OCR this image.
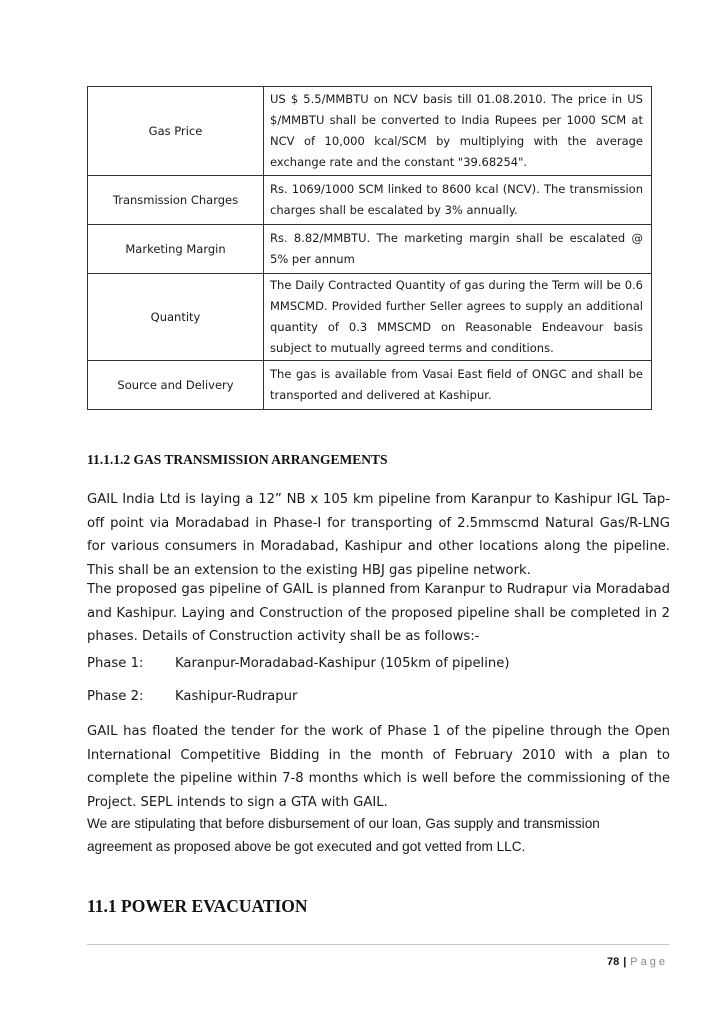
Gas Price	US $ 5.5/MMBTU on NCV basis till 01.08.2010. The price in US $/MMBTU shall be converted to India Rupees per 1000 SCM at NCV of 10,000 kcal/SCM by multiplying with the average exchange rate and the constant "39.68254".
Transmission Charges	Rs. 1069/1000 SCM linked to 8600 kcal (NCV). The transmission charges shall be escalated by 3% annually.
Marketing Margin	Rs. 8.82/MMBTU. The marketing margin shall be escalated @ 5% per annum
Quantity	The Daily Contracted Quantity of gas during the Term will be 0.6 MMSCMD. Provided further Seller agrees to supply an additional quantity of 0.3 MMSCMD on Reasonable Endeavour basis subject to mutually agreed terms and conditions.
Source and Delivery	The gas is available from Vasai East field of ONGC and shall be transported and delivered at Kashipur.
11.1.1.2 GAS TRANSMISSION ARRANGEMENTS

GAIL India Ltd is laying a 12” NB x 105 km pipeline from Karanpur to Kashipur IGL Tap-off point via Moradabad in Phase-I for transporting of 2.5mmscmd Natural Gas/R-LNG for various consumers in Moradabad, Kashipur and other locations along the pipeline. This shall be an extension to the existing HBJ gas pipeline network.

The proposed gas pipeline of GAIL is planned from Karanpur to Rudrapur via Moradabad and Kashipur. Laying and Construction of the proposed pipeline shall be completed in 2 phases. Details of Construction activity shall be as follows:-

Phase 1: Karanpur-Moradabad-Kashipur (105km of pipeline)
Phase 2: Kashipur-Rudrapur

GAIL has floated the tender for the work of Phase 1 of the pipeline through the Open International Competitive Bidding in the month of February 2010 with a plan to complete the pipeline within 7-8 months which is well before the commissioning of the Project. SEPL intends to sign a GTA with GAIL.

We are stipulating that before disbursement of our loan, Gas supply and transmission agreement as proposed above be got executed and got vetted from LLC.

11.1 POWER EVACUATION
78 | Page
